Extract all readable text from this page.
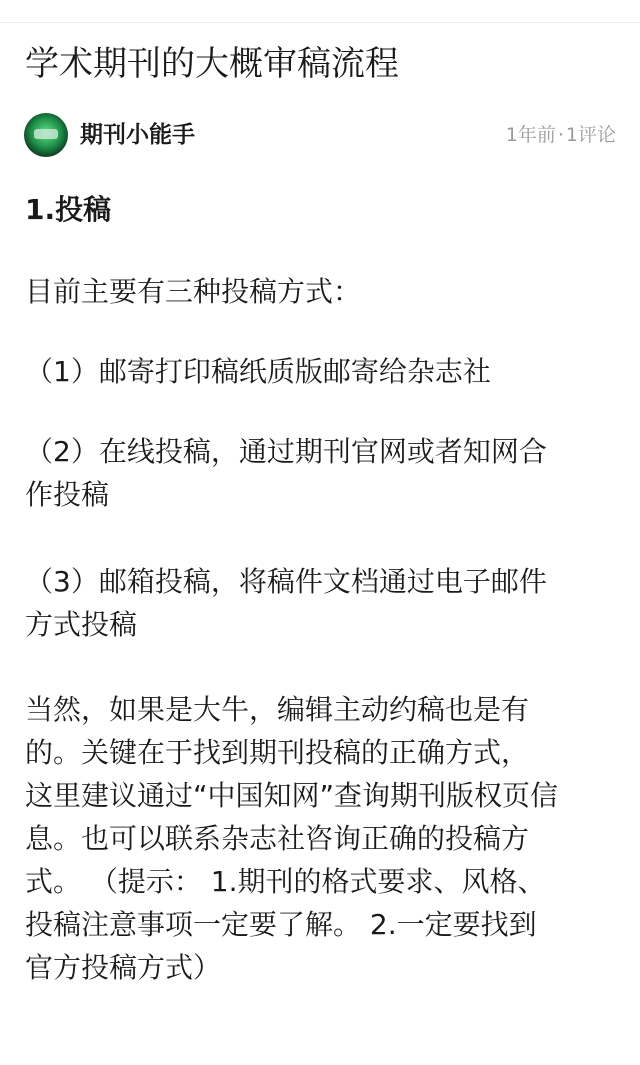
学术期刊的大概审稿流程
期刊小能手	1年前 · 1评论
1.投稿

目前主要有三种投稿方式：

（1）邮寄打印稿纸质版邮寄给杂志社

（2）在线投稿，通过期刊官网或者知网合
作投稿

（3）邮箱投稿，将稿件文档通过电子邮件
方式投稿

当然，如果是大牛，编辑主动约稿也是有
的。关键在于找到期刊投稿的正确方式，
这里建议通过“中国知网”查询期刊版权页信
息。也可以联系杂志社咨询正确的投稿方
式。 （提示： 1.期刊的格式要求、风格、
投稿注意事项一定要了解。 2.一定要找到
官方投稿方式）
